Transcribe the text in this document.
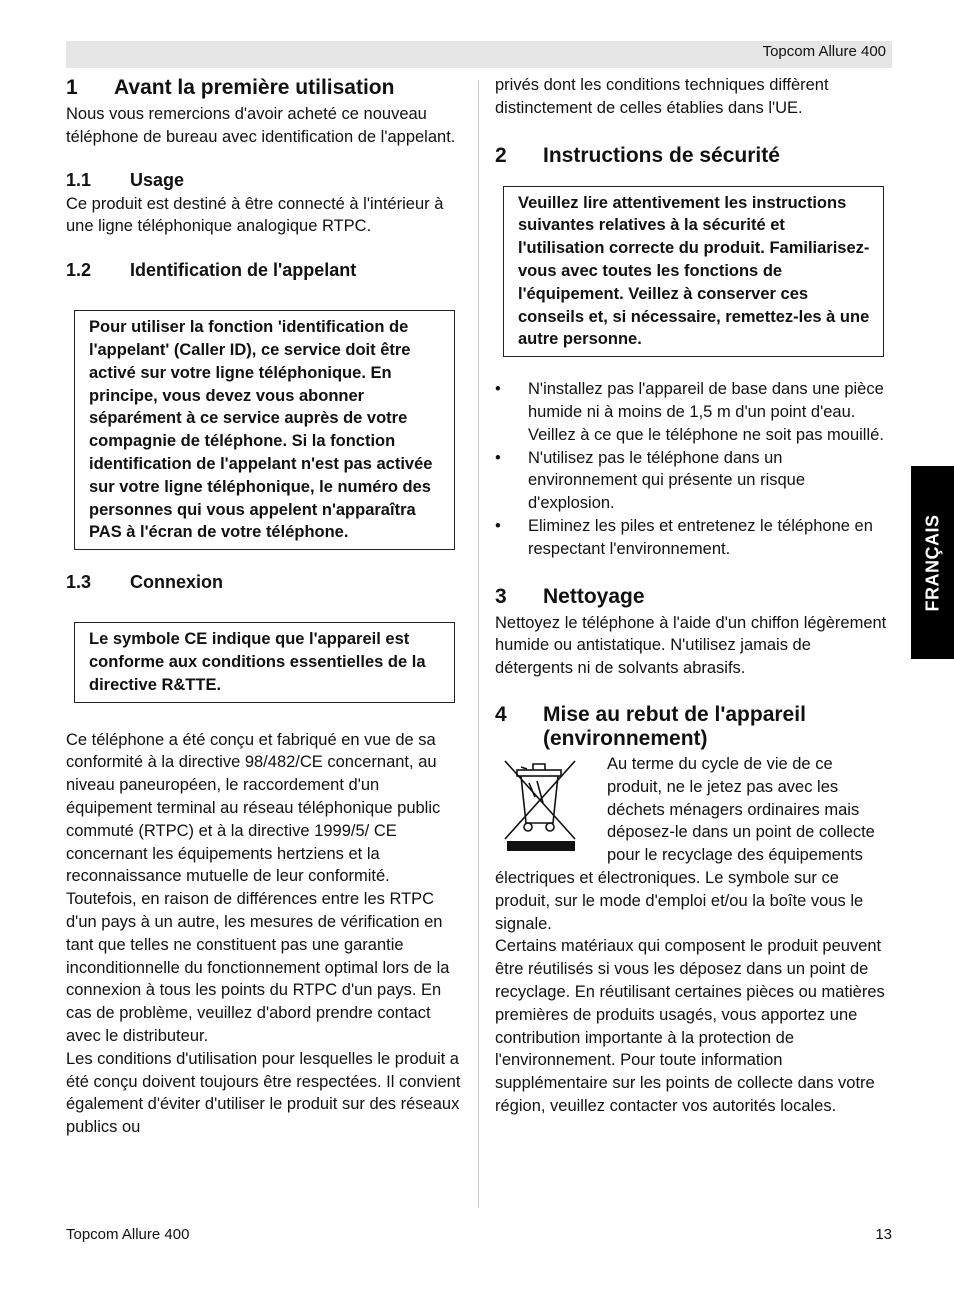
Topcom Allure 400
1	Avant la première utilisation

Nous vous remercions d'avoir acheté ce nouveau téléphone de bureau avec identification de l'appelant.

1.1	Usage

Ce produit est destiné à être connecté à l'intérieur à une ligne téléphonique analogique RTPC.

1.2	Identification de l'appelant
Pour utiliser la fonction 'identification de l'appelant' (Caller ID), ce service doit être activé sur votre ligne téléphonique. En principe, vous devez vous abonner séparément à ce service auprès de votre compagnie de téléphone. Si la fonction identification de l'appelant n'est pas activée sur votre ligne téléphonique, le numéro des personnes qui vous appelent n'apparaîtra PAS à l'écran de votre téléphone.
1.3	Connexion
Le symbole CE indique que l'appareil est conforme aux conditions essentielles de la directive R&TTE.

Ce téléphone a été conçu et fabriqué en vue de sa conformité à la directive 98/482/CE concernant, au niveau paneuropéen, le raccordement d'un équipement terminal au réseau téléphonique public commuté (RTPC) et à la directive 1999/5/ CE concernant les équipements hertziens et la reconnaissance mutuelle de leur conformité. Toutefois, en raison de différences entre les RTPC d'un pays à un autre, les mesures de vérification en tant que telles ne constituent pas une garantie inconditionnelle du fonctionnement optimal lors de la connexion à tous les points du RTPC d'un pays. En cas de problème, veuillez d'abord prendre contact avec le distributeur.

Les conditions d'utilisation pour lesquelles le produit a été conçu doivent toujours être respectées. Il convient également d'éviter d'utiliser le produit sur des réseaux publics ou

privés dont les conditions techniques diffèrent distinctement de celles établies dans l'UE.

2	Instructions de sécurité
Veuillez lire attentivement les instructions suivantes relatives à la sécurité et l'utilisation correcte du produit. Familiarisez-vous avec toutes les fonctions de l'équipement. Veillez à conserver ces conseils et, si nécessaire, remettez-les à une autre personne.
• N'installez pas l'appareil de base dans une pièce humide ni à moins de 1,5 m d'un point d'eau. Veillez à ce que le téléphone ne soit pas mouillé.
• N'utilisez pas le téléphone dans un environnement qui présente un risque d'explosion.
• Eliminez les piles et entretenez le téléphone en respectant l'environnement.
3	Nettoyage

Nettoyez le téléphone à l'aide d'un chiffon légèrement humide ou antistatique. N'utilisez jamais de détergents ni de solvants abrasifs.

4	Mise au rebut de l'appareil (environnement)

Au terme du cycle de vie de ce produit, ne le jetez pas avec les déchets ménagers ordinaires mais déposez-le dans un point de collecte pour le recyclage des équipements électriques et électroniques. Le symbole sur ce produit, sur le mode d'emploi et/ou la boîte vous le signale.

Certains matériaux qui composent le produit peuvent être réutilisés si vous les déposez dans un point de recyclage. En réutilisant certaines pièces ou matières premières de produits usagés, vous apportez une contribution importante à la protection de l'environnement. Pour toute information supplémentaire sur les points de collecte dans votre région, veuillez contacter vos autorités locales.

FRANÇAIS
Topcom Allure 400	13
